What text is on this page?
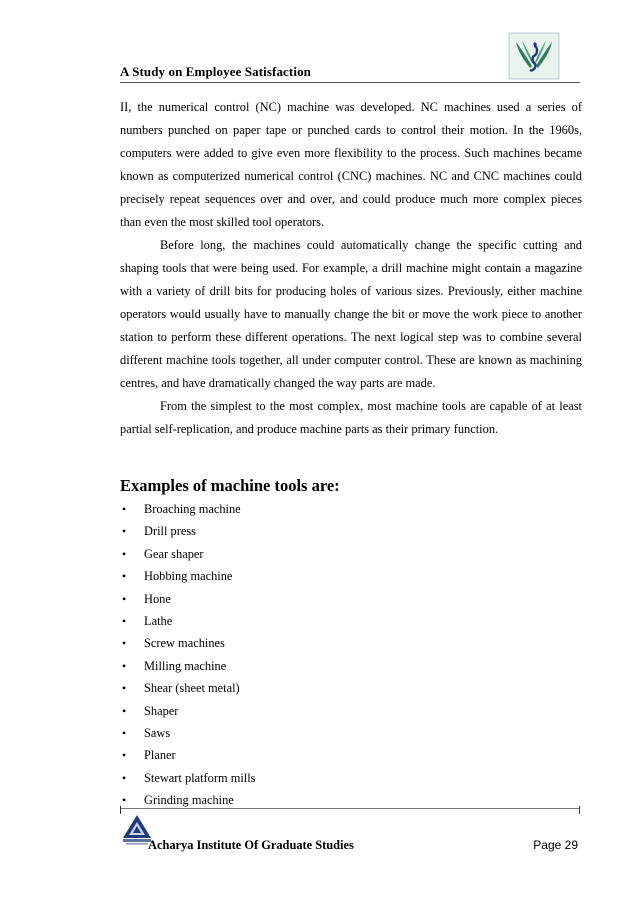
A Study on Employee Satisfaction

II, the numerical control (NC) machine was developed. NC machines used a series of numbers punched on paper tape or punched cards to control their motion. In the 1960s, computers were added to give even more flexibility to the process. Such machines became known as computerized numerical control (CNC) machines. NC and CNC machines could precisely repeat sequences over and over, and could produce much more complex pieces than even the most skilled tool operators.

Before long, the machines could automatically change the specific cutting and shaping tools that were being used. For example, a drill machine might contain a magazine with a variety of drill bits for producing holes of various sizes. Previously, either machine operators would usually have to manually change the bit or move the work piece to another station to perform these different operations. The next logical step was to combine several different machine tools together, all under computer control. These are known as machining centres, and have dramatically changed the way parts are made.

From the simplest to the most complex, most machine tools are capable of at least partial self-replication, and produce machine parts as their primary function.

Examples of machine tools are:
•	Broaching machine
•	Drill press
•	Gear shaper
•	Hobbing machine
•	Hone
•	Lathe
•	Screw machines
•	Milling machine
•	Shear (sheet metal)
•	Shaper
•	Saws
•	Planer
•	Stewart platform mills
•	Grinding machine
Acharya Institute Of Graduate Studies	Page 29
